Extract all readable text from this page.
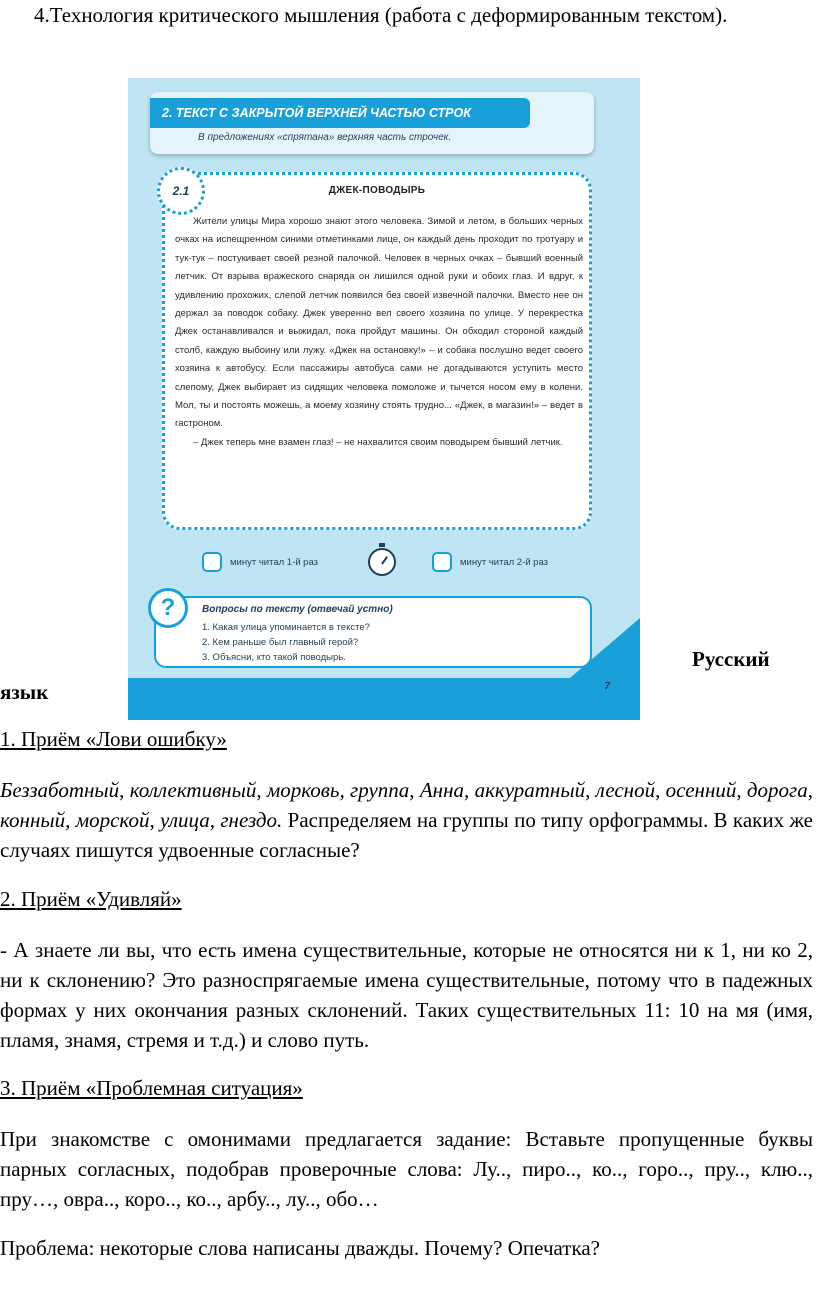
4.Технология критического мышления (работа с деформированным текстом).
7
2. ТЕКСТ С ЗАКРЫТОЙ ВЕРХНЕЙ ЧАСТЬЮ СТРОК
В предложениях «спрятана» верхняя часть строчек.
2.1	ДЖЕК-ПОВОДЫРЬ

Жители улицы Мира хорошо знают этого человека. Зимой и летом, в больших черных очках на испещренном синими отметинками лице, он каждый день проходит по тротуару и тук-тук – постукивает своей резной палочкой. Человек в черных очках – бывший военный летчик. От взрыва вражеского снаряда он лишился одной руки и обоих глаз. И вдруг, к удивлению прохожих, слепой летчик появился без своей извечной палочки. Вместо нее он держал за поводок собаку. Джек уверенно вел своего хозяина по улице. У перекрестка Джек останавливался и выжидал, пока пройдут машины. Он обходил стороной каждый столб, каждую выбоину или лужу. «Джек на остановку!» – и собака послушно ведет своего хозяина к автобусу. Если пассажиры автобуса сами не догадываются уступить место слепому, Джек выбирает из сидящих человека помоложе и тычется носом ему в колени. Мол, ты и постоять можешь, а моему хозяину стоять трудно... «Джек, в магазин!» – ведет в гастроном.

– Джек теперь мне взамен глаз! – не нахвалится своим поводырем бывший летчик.

минут читал 1-й раз	минут читал 2-й раз
?	Вопросы по тексту (отвечай устно)
1. Какая улица упоминается в тексте?
2. Кем раньше был главный герой?
3. Объясни, кто такой поводырь.	Русский
язык
1. Приём «Лови ошибку»
Беззаботный, коллективный, морковь, группа, Анна, аккуратный, лесной, осенний, дорога, конный, морской, улица, гнездо. Распределяем на группы по типу орфограммы. В каких же случаях пишутся удвоенные согласные?
2. Приём «Удивляй»
- А знаете ли вы, что есть имена существительные, которые не относятся ни к 1, ни ко 2, ни к склонению? Это разноспрягаемые имена существительные, потому что в падежных формах у них окончания разных склонений. Таких существительных 11: 10 на мя (имя, пламя, знамя, стремя и т.д.) и слово путь.
3. Приём «Проблемная ситуация»
При знакомстве с омонимами предлагается задание: Вставьте пропущенные буквы парных согласных, подобрав проверочные слова: Лу.., пиро.., ко.., горо.., пру.., клю.., пру…, овра.., коро.., ко.., арбу.., лу.., обо…
Проблема: некоторые слова написаны дважды. Почему? Опечатка?
